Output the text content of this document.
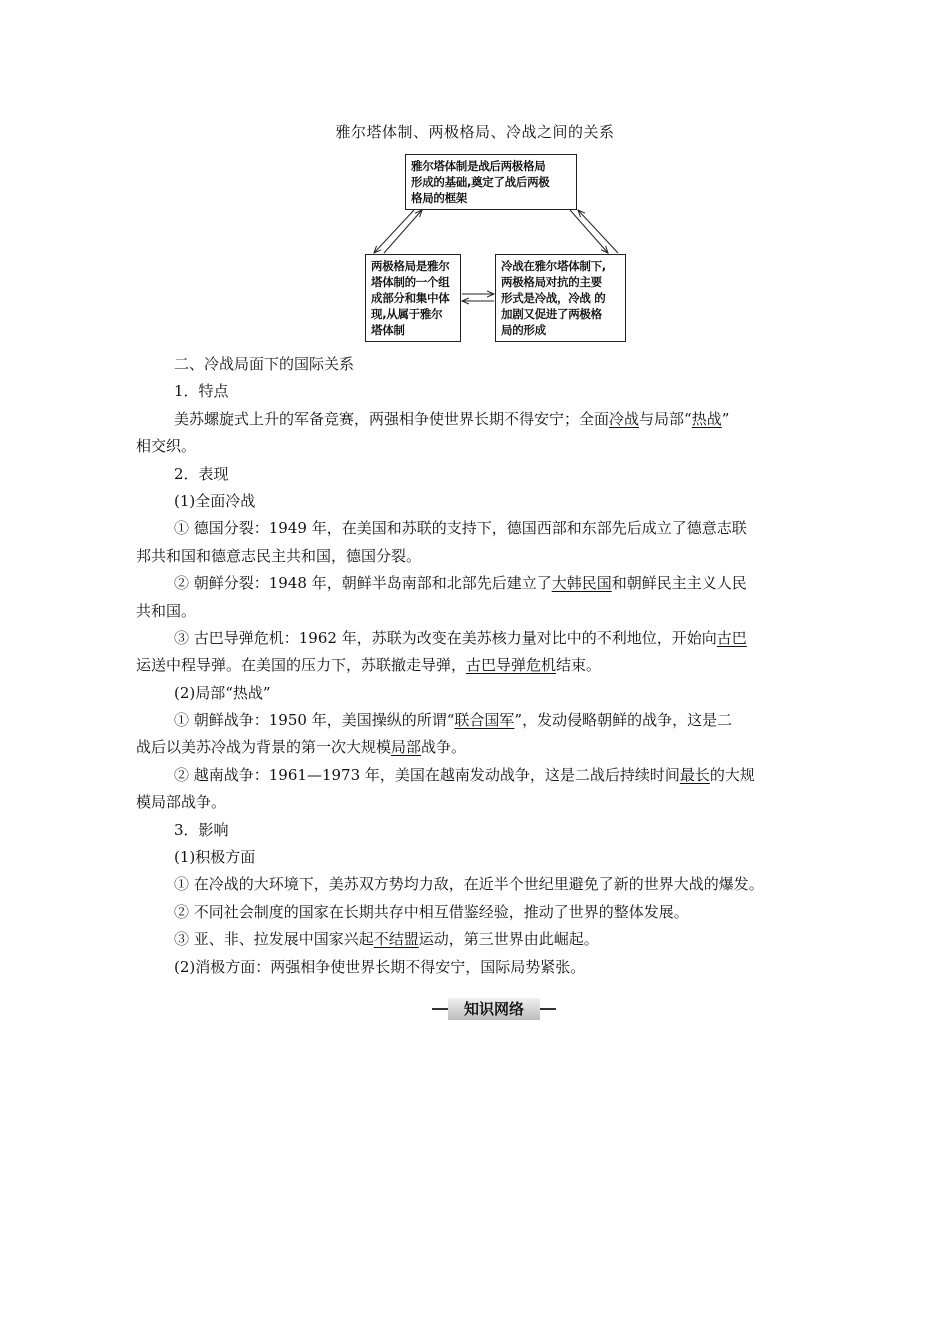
雅尔塔体制、两极格局、冷战之间的关系
雅尔塔体制是战后两极格局
形成的基础,奠定了战后两极
格局的框架
两极格局是雅尔
塔体制的一个组
成部分和集中体
现,从属于雅尔
塔体制
冷战在雅尔塔体制下,
两极格局对抗的主要
形式是冷战，冷战 的
加剧又促进了两极格
局的形成
二、冷战局面下的国际关系
1．特点
美苏螺旋式上升的军备竞赛，两强相争使世界长期不得安宁；全面冷战与局部“热战”
相交织。
2．表现
(1)全面冷战
① 德国分裂：1949 年，在美国和苏联的支持下，德国西部和东部先后成立了德意志联
邦共和国和德意志民主共和国，德国分裂。
② 朝鲜分裂：1948 年，朝鲜半岛南部和北部先后建立了大韩民国和朝鲜民主主义人民
共和国。
③ 古巴导弹危机：1962 年，苏联为改变在美苏核力量对比中的不利地位，开始向古巴
运送中程导弹。在美国的压力下，苏联撤走导弹，古巴导弹危机结束。
(2)局部“热战”
① 朝鲜战争：1950 年，美国操纵的所谓“联合国军”，发动侵略朝鲜的战争，这是二
战后以美苏冷战为背景的第一次大规模局部战争。
② 越南战争：1961—1973 年，美国在越南发动战争，这是二战后持续时间最长的大规
模局部战争。
3．影响
(1)积极方面
① 在冷战的大环境下，美苏双方势均力敌，在近半个世纪里避免了新的世界大战的爆发。
② 不同社会制度的国家在长期共存中相互借鉴经验，推动了世界的整体发展。
③ 亚、非、拉发展中国家兴起不结盟运动，第三世界由此崛起。
(2)消极方面：两强相争使世界长期不得安宁，国际局势紧张。
知识网络
